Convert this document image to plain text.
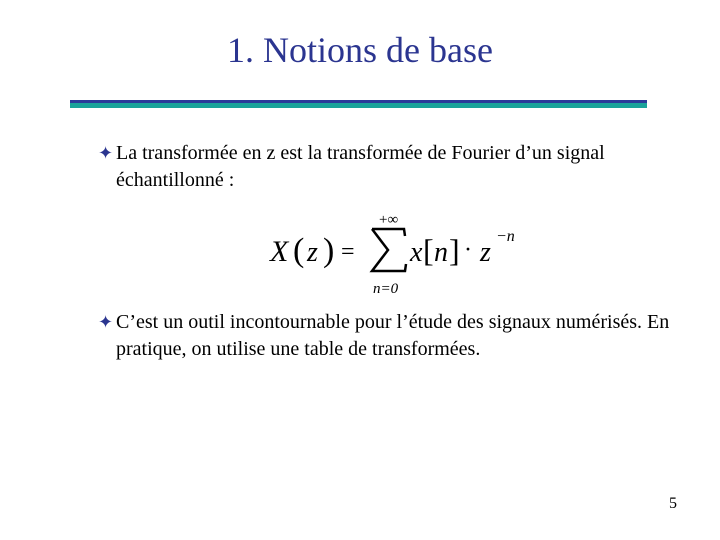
1. Notions de base
✦ La transformée en z est la transformée de Fourier d’un signal échantillonné :
X ( z ) =
+∞
n=0
x [ n ] · z
−n
✦ C’est un outil incontournable pour l’étude des signaux numérisés. En pratique, on utilise une table de transformées.
5
